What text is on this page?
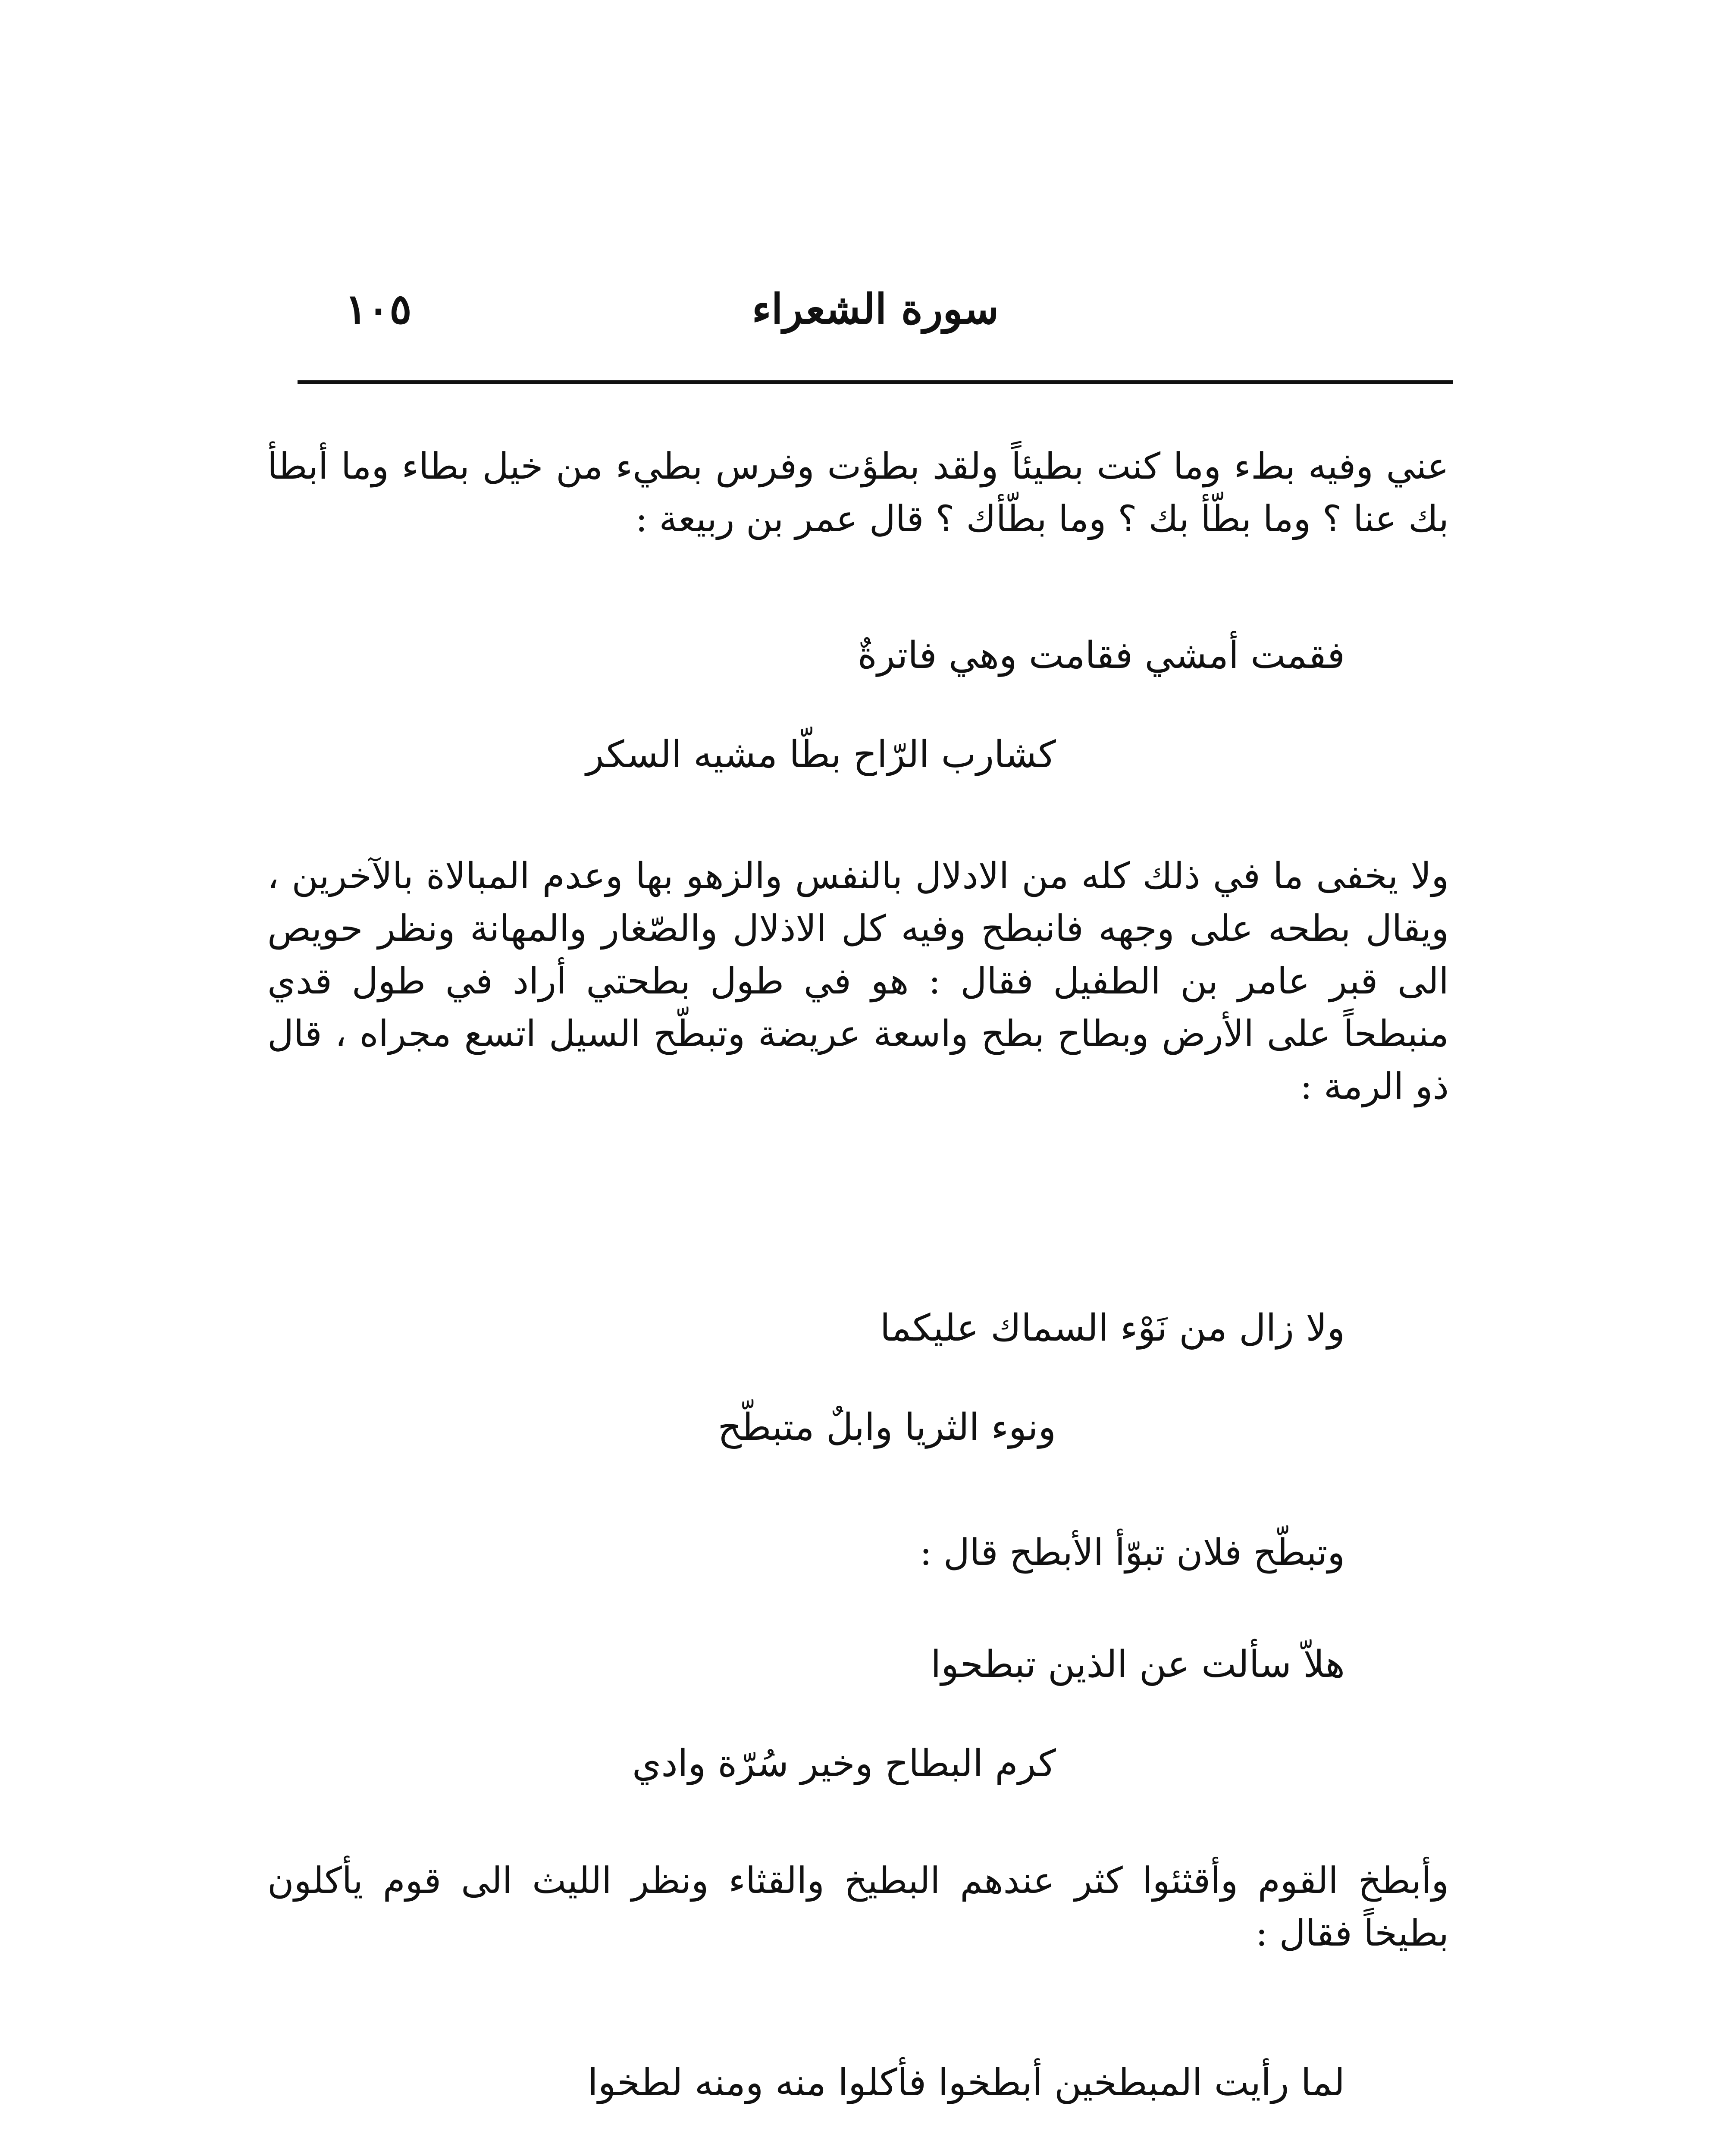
سورة الشعراء
١٠٥

عني وفيه بطء وما كنت بطيئاً ولقد بطؤت وفرس بطيء من خيل بطاء وما أبطأ بك عنا ؟ وما بطّأ بك ؟ وما بطّأك ؟ قال عمر بن ربيعة :

فقمت أمشي فقامت وهي فاترةٌ

كشارب الرّاح بطّا مشيه السكر

ولا يخفى ما في ذلك كله من الادلال بالنفس والزهو بها وعدم المبالاة بالآخرين ، ويقال بطحه على وجهه فانبطح وفيه كل الاذلال والصّغار والمهانة ونظر حويص الى قبر عامر بن الطفيل فقال : هو في طول بطحتي أراد في طول قدي منبطحاً على الأرض وبطاح بطح واسعة عريضة وتبطّح السيل اتسع مجراه ، قال ذو الرمة :

ولا زال من نَوْء السماك عليكما

ونوء الثريا وابلٌ متبطّح

وتبطّح فلان تبوّأ الأبطح قال :

هلاّ سألت عن الذين تبطحوا

كرم البطاح وخير سُرّة وادي

وأبطخ القوم وأقثئوا كثر عندهم البطيخ والقثاء ونظر الليث الى قوم يأكلون بطيخاً فقال :

لما رأيت المبطخين أبطخوا فأكلوا منه ومنه لطخوا
